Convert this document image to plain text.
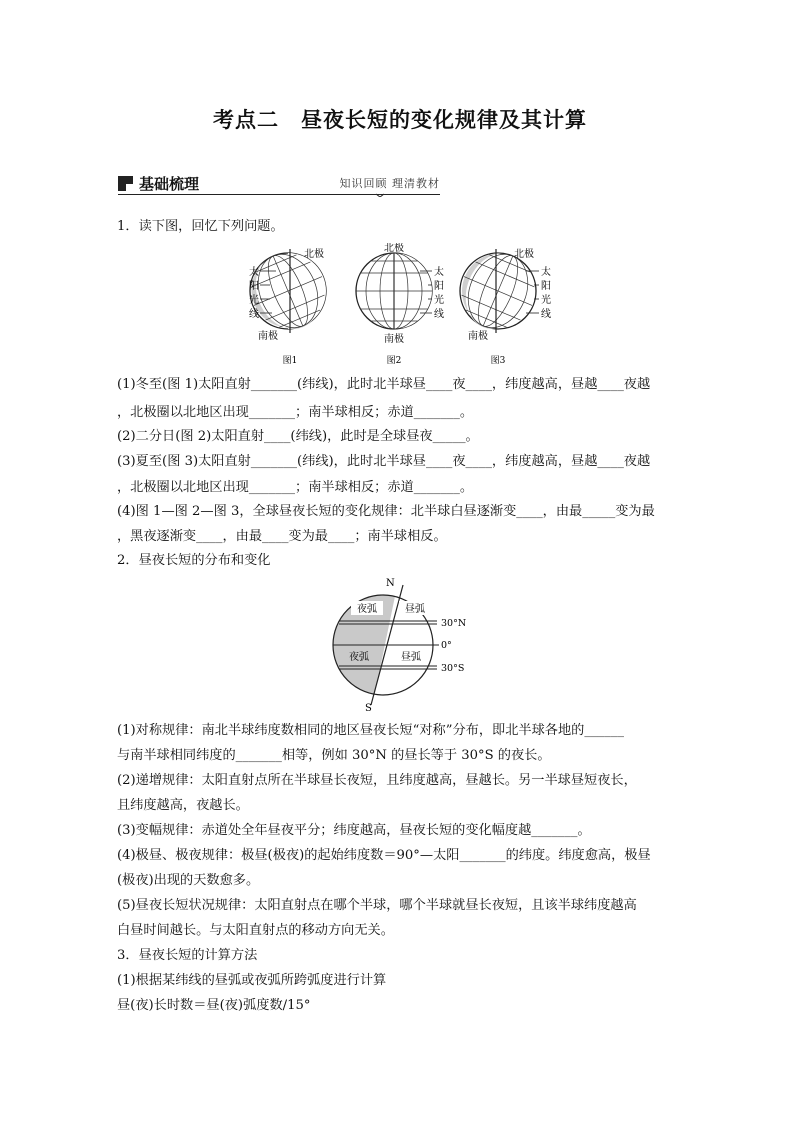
考点二　昼夜长短的变化规律及其计算
基础梳理	知识回顾 理清教材
1．读下图，回忆下列问题。
北极
南极
太
阳
光
线
图1
北极
南极
太
阳
光
线
图2
北极
南极
太
阳
光
线
图3
(1)冬至(图 1)太阳直射_______(纬线)，此时北半球昼____夜____，纬度越高，昼越____夜越
，北极圈以北地区出现_______；南半球相反；赤道_______。
(2)二分日(图 2)太阳直射____(纬线)，此时是全球昼夜_____。
(3)夏至(图 3)太阳直射_______(纬线)，此时北半球昼____夜____，纬度越高，昼越____夜越
，北极圈以北地区出现_______；南半球相反；赤道_______。
(4)图 1—图 2—图 3，全球昼夜长短的变化规律：北半球白昼逐渐变____，由最_____变为最
，黑夜逐渐变____，由最____变为最____；南半球相反。
2．昼夜长短的分布和变化
夜弧	昼弧
夜弧	昼弧
N
S
30°N
0°
30°S
(1)对称规律：南北半球纬度数相同的地区昼夜长短“对称”分布，即北半球各地的______
与南半球相同纬度的_______相等，例如 30°N 的昼长等于 30°S 的夜长。
(2)递增规律：太阳直射点所在半球昼长夜短，且纬度越高，昼越长。另一半球昼短夜长，
且纬度越高，夜越长。
(3)变幅规律：赤道处全年昼夜平分；纬度越高，昼夜长短的变化幅度越_______。
(4)极昼、极夜规律：极昼(极夜)的起始纬度数＝90°—太阳_______的纬度。纬度愈高，极昼
(极夜)出现的天数愈多。
(5)昼夜长短状况规律：太阳直射点在哪个半球，哪个半球就昼长夜短，且该半球纬度越高
白昼时间越长。与太阳直射点的移动方向无关。
3．昼夜长短的计算方法
(1)根据某纬线的昼弧或夜弧所跨弧度进行计算
昼(夜)长时数＝昼(夜)弧度数/15°
